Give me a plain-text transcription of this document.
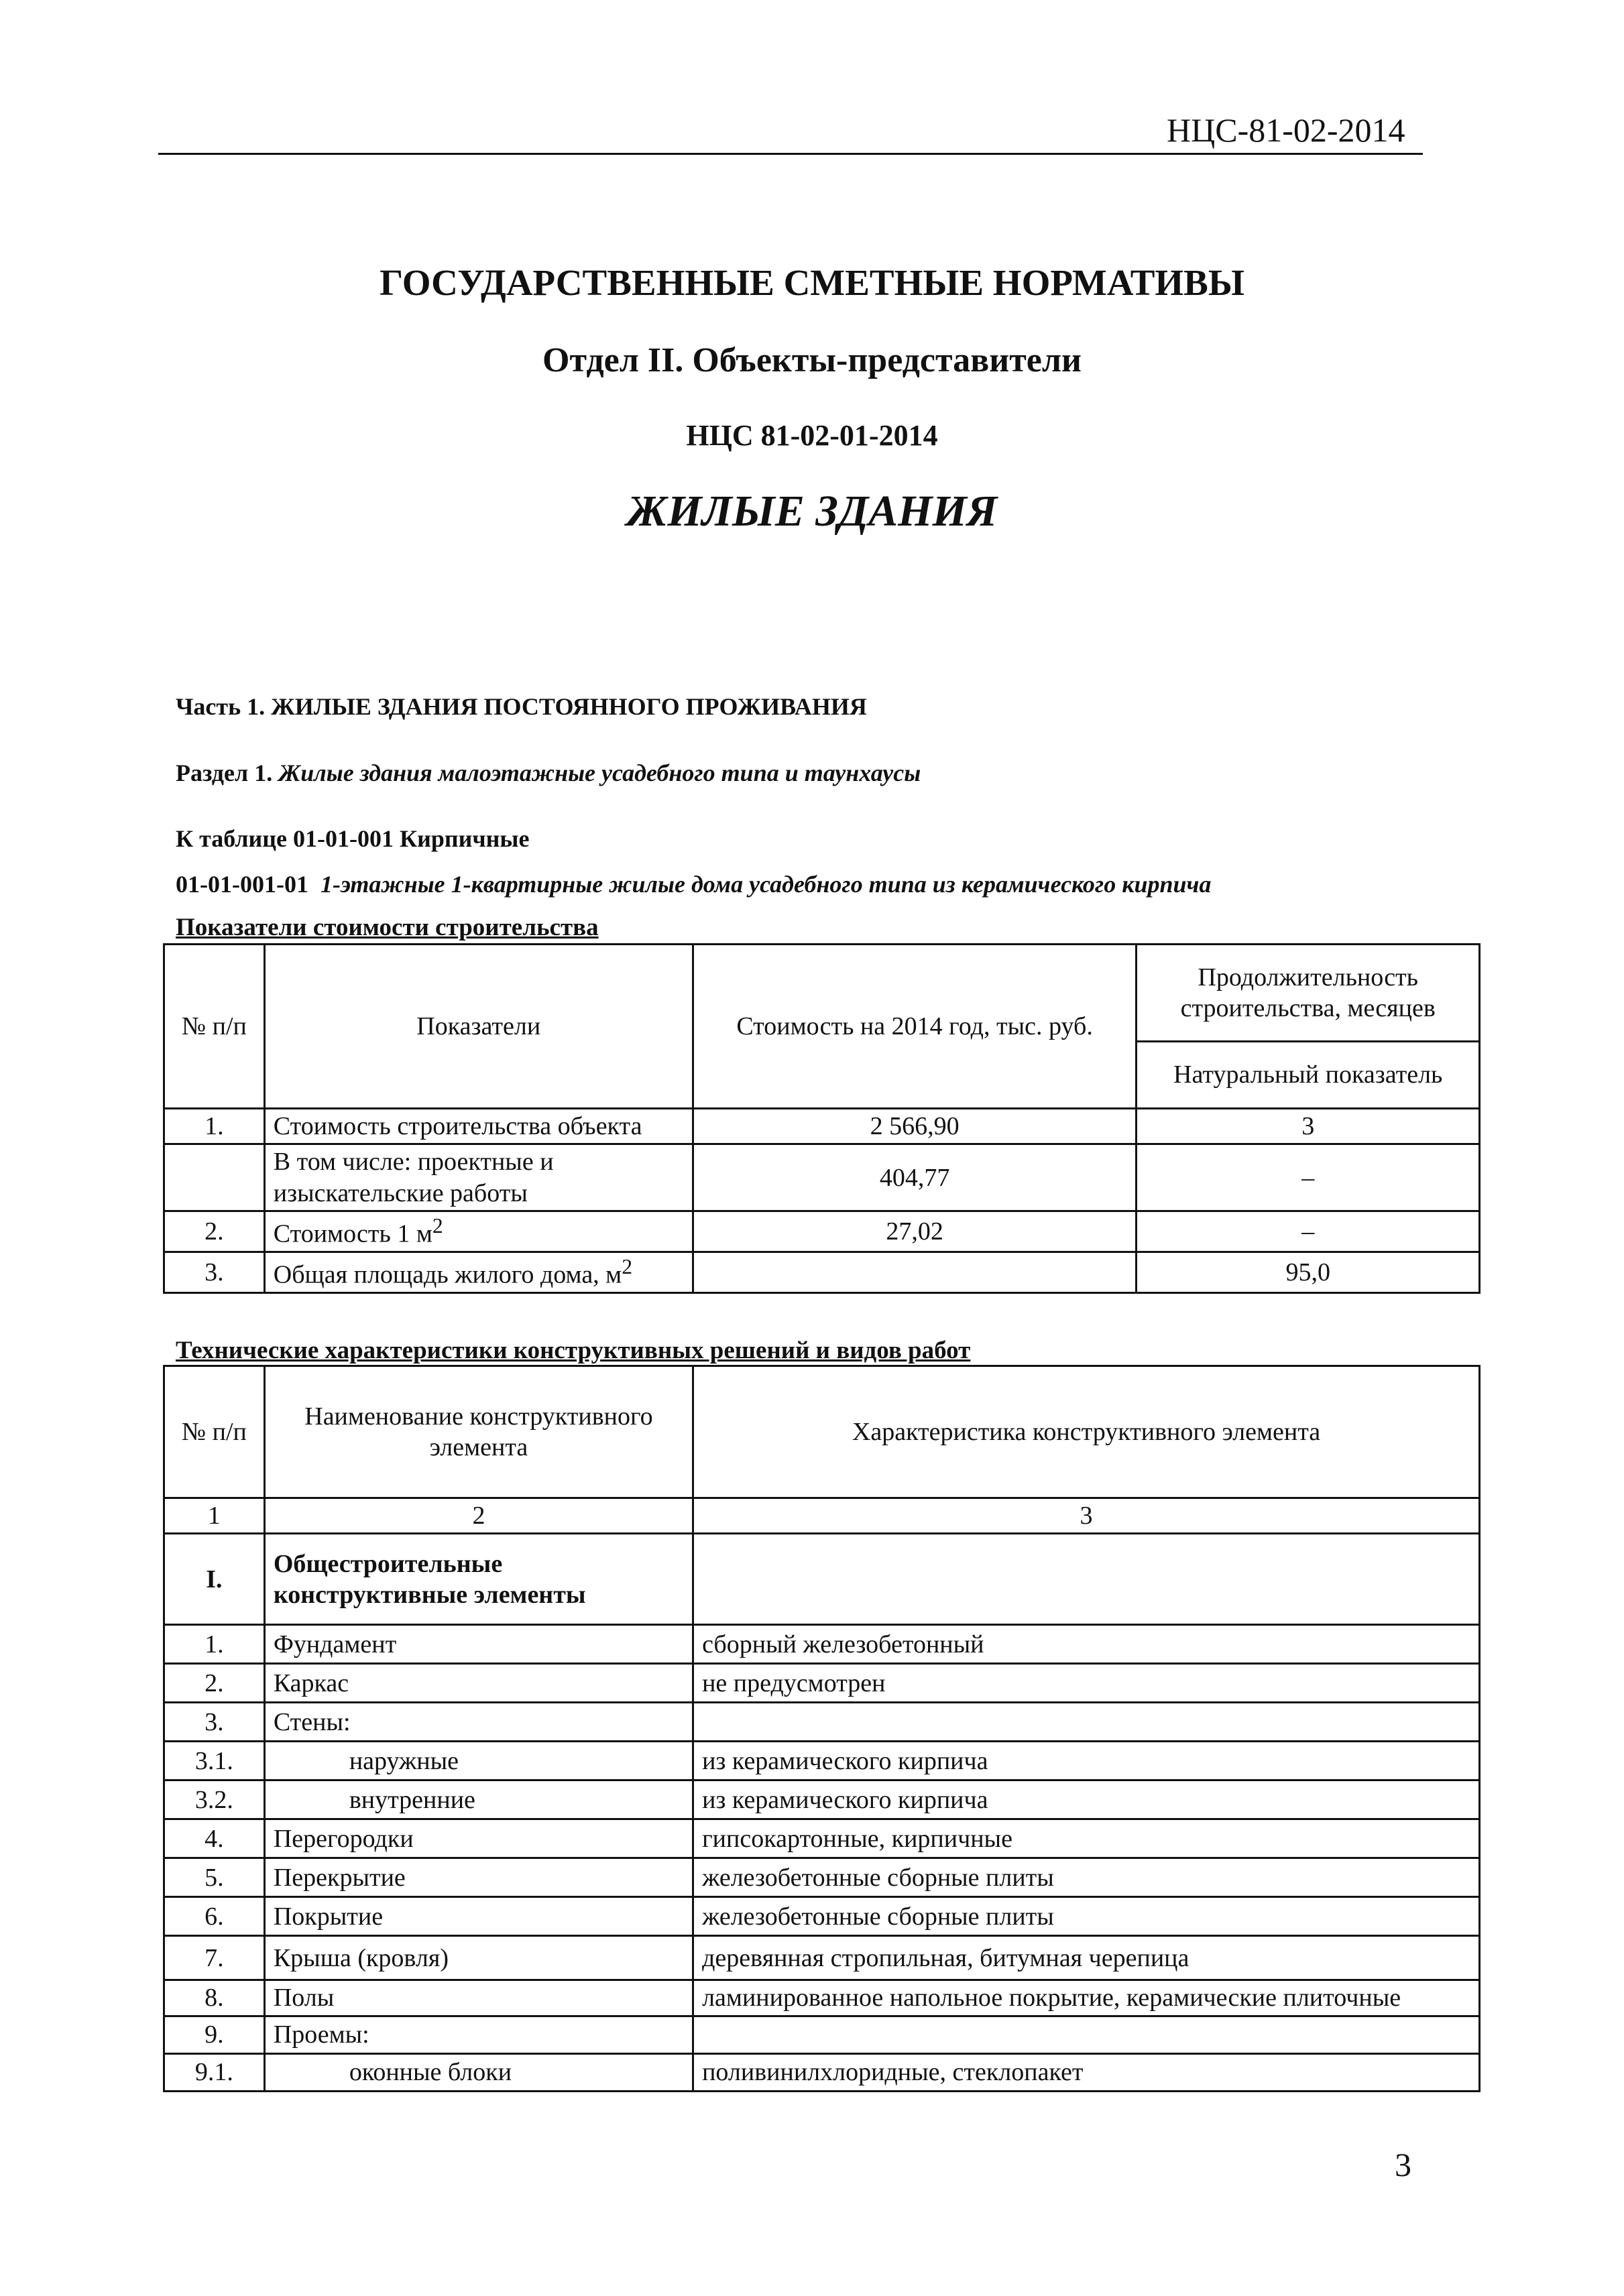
НЦС-81-02-2014
ГОСУДАРСТВЕННЫЕ СМЕТНЫЕ НОРМАТИВЫ
Отдел II. Объекты-представители
НЦС 81-02-01-2014
ЖИЛЫЕ ЗДАНИЯ
Часть 1. ЖИЛЫЕ ЗДАНИЯ ПОСТОЯННОГО ПРОЖИВАНИЯ
Раздел 1. Жилые здания малоэтажные усадебного типа и таунхаусы
К таблице 01-01-001 Кирпичные
01-01-001-01 1-этажные 1-квартирные жилые дома усадебного типа из керамического кирпича
Показатели стоимости строительства
№ п/п	Показатели	Стоимость на 2014 год, тыс. руб.	Продолжительность строительства, месяцев
			Натуральный показатель
1.	Стоимость строительства объекта	2 566,90	3
	В том числе: проектные и изыскательские работы	404,77	–
2.	Стоимость 1 $м^2$	27,02	–
3.	Общая площадь жилого дома, $м^2$		95,0
Технические характеристики конструктивных решений и видов работ
№ п/п	Наименование конструктивного элемента	Характеристика конструктивного элемента
1	2	3
I.	Общестроительные конструктивные элементы	
1.	Фундамент	сборный железобетонный
2.	Каркас	не предусмотрен
3.	Стены:	
3.1.	наружные	из керамического кирпича
3.2.	внутренние	из керамического кирпича
4.	Перегородки	гипсокартонные, кирпичные
5.	Перекрытие	железобетонные сборные плиты
6.	Покрытие	железобетонные сборные плиты
7.	Крыша (кровля)	деревянная стропильная, битумная черепица
8.	Полы	ламинированное напольное покрытие, керамические плиточные
9.	Проемы:	
9.1.	оконные блоки	поливинилхлоридные, стеклопакет
3
